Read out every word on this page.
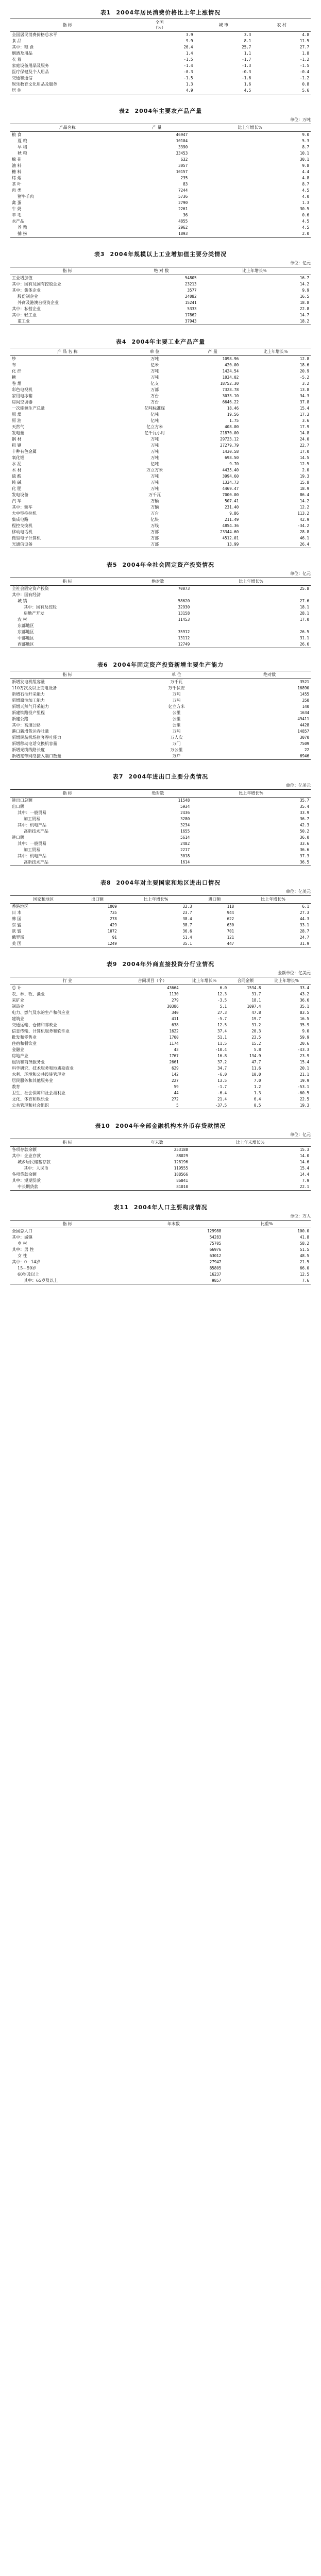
表1 2004年居民消费价格比上年上涨情况
指 标	全国
（%）	城 市	农 村
全国居民消费价格总水平	3.9	3.3	4.8
食 品	9.9	8.1	11.5
其中：粮 食	26.4	25.7	27.7
烟酒及用品	1.4	1.1	1.8
衣 着	-1.5	-1.7	-1.2
家庭设备用品及服务	-1.4	-1.3	-1.5
医疗保健及个人用品	-0.3	-0.3	-0.4
交通和通信	-1.5	-1.6	-1.2
娱乐教育文化用品及服务	1.3	1.6	0.8
居 住	4.9	4.5	5.6
表2 2004年主要农产品产量
单位：万吨
产品名称	产 量	比上年增长%
粮 食	46947	9.0
夏 粮	10104	5.3
早 稻	3390	8.7
秋 粮	33453	10.1
棉 花	632	30.1
油 料	3057	9.8
糖 料	10157	4.4
烤 烟	235	4.8
茶 叶	83	8.7
肉 类	7244	4.5
猪牛羊肉	5736	4.0
禽 蛋	2790	1.3
牛 奶	2261	30.5
羊 毛	36	0.6
水产品	4855	4.5
养 殖	2962	4.5
捕 捞	1893	2.0
表3 2004年规模以上工业增加值主要分类情况
单位：亿元
指 标	绝 对 数	比上年增长%
工业增加值	54805	16.7
其中：国有及国有控股企业	23213	14.2
其中：集体企业	3577	9.9
股份制企业	24082	16.5
外商及港澳台投资企业	15241	18.8
其中：私营企业	5333	22.8
其中：轻工业	17862	14.7
重工业	37943	18.2
表4 2004年主要工业产品产量
产 品 名 称	单 位	产 量	比上年增长%
纱	万吨	1098.96	12.8
布	亿米	420.00	18.6
化 纤	万吨	1424.54	20.9
糖	万吨	1034.02	-5.2
卷 烟	亿支	18752.30	3.2
彩色电视机	万部	7328.78	13.8
家用电冰箱	万台	3033.10	34.3
房间空调器	万台	6646.22	37.8
一次能源生产总量	亿吨标准煤	18.46	15.4
原 煤	亿吨	19.56	17.3
原 油	亿吨	1.75	3.6
天然气	亿立方米	408.00	17.9
发电量	亿千瓦小时	21870.00	14.8
钢 材	万吨	29723.12	24.0
粗 钢	万吨	27279.79	22.7
十种有色金属	万吨	1430.58	17.0
氧化铝	万吨	698.50	14.5
水 泥	亿吨	9.70	12.5
木 材	万立方米	4435.40	2.0
硫 酸	万吨	3994.60	19.3
纯 碱	万吨	1334.73	15.8
化 肥	万吨	4469.47	18.9
发电设备	万千瓦	7000.00	86.4
汽 车	万辆	507.41	14.2
其中：轿车	万辆	231.40	12.2
大中型拖拉机	万台	9.86	113.2
集成电路	亿块	211.49	42.9
程控交换机	万线	4854.36	-34.2
移动电话机	万部	23344.60	28.8
微型电子计算机	万部	4512.01	46.1
光通信设备	万部	13.99	26.4
表5 2004年全社会固定资产投资情况
单位：亿元
指 标	绝对数	比上年增长%
全社会固定资产投资	70073	25.8
其中：国有经济		
城 镇	58620	27.6
其中：国有及控股	32930	18.1
房地产开发	13158	28.1
农 村	11453	17.0
东部地区		
东部地区	35912	26.5
中部地区	13112	31.1
西部地区	12749	26.6
表6 2004年固定资产投资新增主要生产能力
指 标	单 位	绝对数
新增发电机组容量	万千瓦	3521
110万次及以上变电设备	万千伏安	16890
新增石油开采能力	万吨	1455
新增原油加工能力	万吨	350
新增天然气开采能力	亿立方米	140
新建铁路投产里程	公里	1634
新建公路	公里	49411
其中：高速公路	公里	4428
港口新增货运吞吐量	万吨	14857
新增民航机场旅客吞吐能力	万人次	3070
新增移动电话交换机容量	万门	7509
新增光缆线路长度	万公里	22
新增宽带网络接入端口数量	万户	6946
表7 2004年进出口主要分类情况
单位：亿美元
指 标	绝对数	比上年增长%
进出口总额	11548	35.7
出口额	5934	35.4
其中：一般贸易	2436	33.9
加工贸易	3280	36.7
其中：机电产品	3234	42.3
高新技术产品	1655	50.2
进口额	5614	36.0
其中：一般贸易	2482	33.6
加工贸易	2217	36.6
其中：机电产品	3018	37.3
高新技术产品	1614	36.5
表8 2004年对主要国家和地区进出口情况
单位：亿美元
国家和地区	出口额	比上年增长%	进口额	比上年增长%
香港地区	1009	32.3	118	6.1
日 本	735	23.7	944	27.3
韩 国	278	38.4	622	44.3
东 盟	429	38.7	630	33.1
欧 盟	1072	36.6	701	28.7
俄罗斯	91	51.4	121	24.7
美 国	1249	35.1	447	31.9
表9 2004年外商直接投资分行业情况
金额单位：亿美元
行 业	合同项目（个）	比上年增长%	合同金额	比上年增长%
总 计	43664	6.0	1534.8	33.4
农、林、牧、渔业	1130	12.3	31.7	43.2
采矿业	279	-3.5	18.1	36.6
制造业	30386	5.1	1097.4	35.1
电力、燃气及水的生产和供应业	340	27.3	47.8	83.5
建筑业	411	-5.7	19.7	16.5
交通运输、仓储和邮政业	638	12.5	31.2	35.9
信息传输、计算机服务和软件业	1622	37.4	20.3	9.0
批发和零售业	1700	51.1	23.5	59.9
住宿和餐饮业	1174	11.5	15.2	20.6
金融业	43	-10.4	5.8	-43.3
房地产业	1767	16.8	134.9	23.9
租赁和商务服务业	2661	37.2	47.7	15.4
科学研究、技术服务和地质勘查业	629	34.7	11.6	20.1
水利、环境和公共设施管理业	142	-6.0	10.0	21.1
居民服务和其他服务业	227	13.5	7.0	19.9
教育	59	-1.7	1.2	-53.1
卫生、社会保障和社会福利业	44	-6.4	1.3	-60.5
文化、体育和娱乐业	272	21.4	6.4	22.5
公共管理和社会组织	5	-37.5	0.5	19.3
表10 2004年全部金融机构本外币存贷款情况
单位：亿元
指 标	年末数	比上年末增长%
各项存款余额	253188	15.3
其中：企业存款	88029	14.0
城乡居民储蓄存款	126196	14.6
其中：人民币	119555	15.4
各项贷款余额	188566	14.4
其中：短期贷款	86841	7.9
中长期贷款	81010	22.1
表11 2004年人口主要构成情况
单位：万人
指 标	年末数	比重%
全国总人口	129988	100.0
其中：城镇	54283	41.8
乡 村	75705	58.2
其中：男 性	66976	51.5
女 性	63012	48.5
其中：0－14岁	27947	21.5
15－59岁	85805	66.0
60岁及以上	16237	12.5
其中：65岁及以上	9857	7.6
